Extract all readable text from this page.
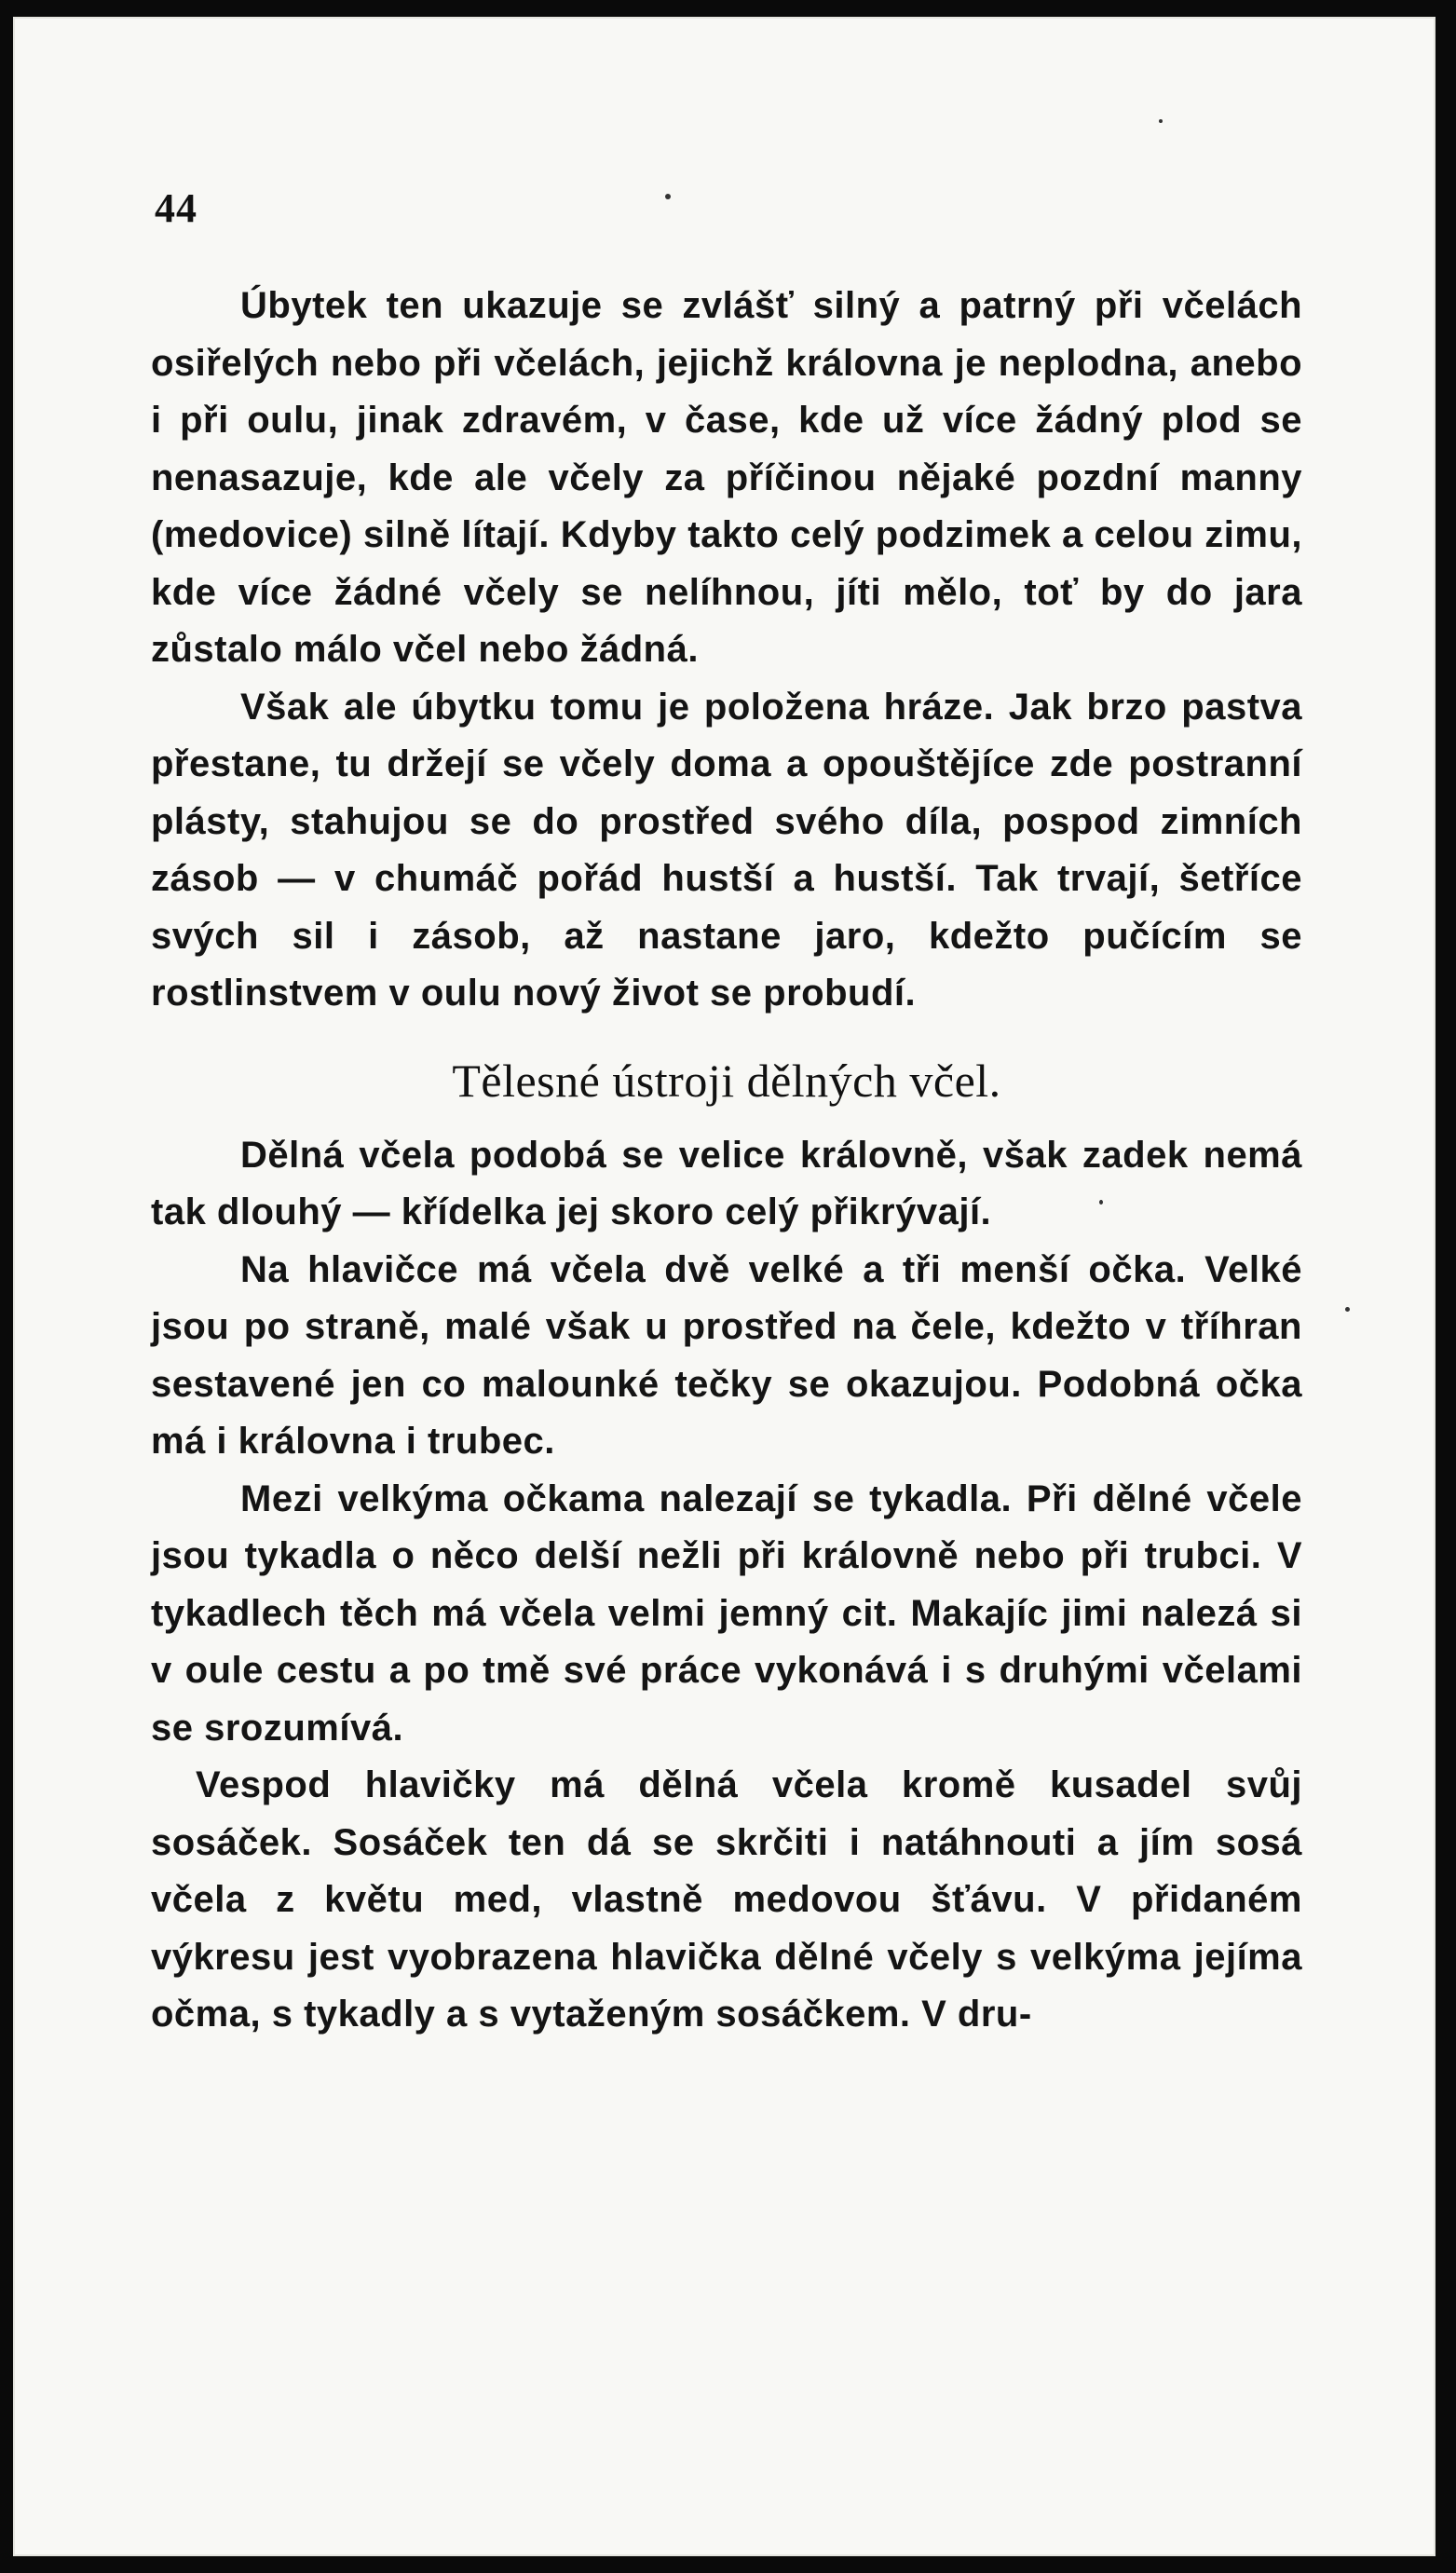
44

Úbytek ten ukazuje se zvlášť silný a patrný při včelách osiřelých nebo při včelách, jejichž královna je neplodna, anebo i při oulu, jinak zdravém, v čase, kde už více žádný plod se nenasazuje, kde ale včely za příčinou nějaké pozdní manny (medovice) silně lítají. Kdyby takto celý podzimek a celou zimu, kde více žádné včely se nelíhnou, jíti mělo, toť by do jara zůstalo málo včel nebo žádná.

Však ale úbytku tomu je položena hráze. Jak brzo pastva přestane, tu držejí se včely doma a opouštějíce zde postranní plásty, stahujou se do prostřed svého díla, pospod zimních zásob — v chumáč pořád hustší a hustší. Tak trvají, šetříce svých sil i zásob, až nastane jaro, kdežto pučícím se rostlinstvem v oulu nový život se probudí.

Tělesné ústroji dělných včel.

Dělná včela podobá se velice královně, však zadek nemá tak dlouhý — křídelka jej skoro celý přikrývají.

Na hlavičce má včela dvě velké a tři menší očka. Velké jsou po straně, malé však u prostřed na čele, kdežto v tříhran sestavené jen co malounké tečky se okazujou. Podobná očka má i královna i trubec.

Mezi velkýma očkama nalezají se tykadla. Při dělné včele jsou tykadla o něco delší nežli při královně nebo při trubci. V tykadlech těch má včela velmi jemný cit. Makajíc jimi nalezá si v oule cestu a po tmě své práce vykonává i s druhými včelami se srozumívá.

Vespod hlavičky má dělná včela kromě kusadel svůj sosáček. Sosáček ten dá se skrčiti i natáhnouti a jím sosá včela z květu med, vlastně medovou šťávu. V přidaném výkresu jest vyobrazena hlavička dělné včely s velkýma jejíma očma, s tykadly a s vytaženým sosáčkem. V dru-
